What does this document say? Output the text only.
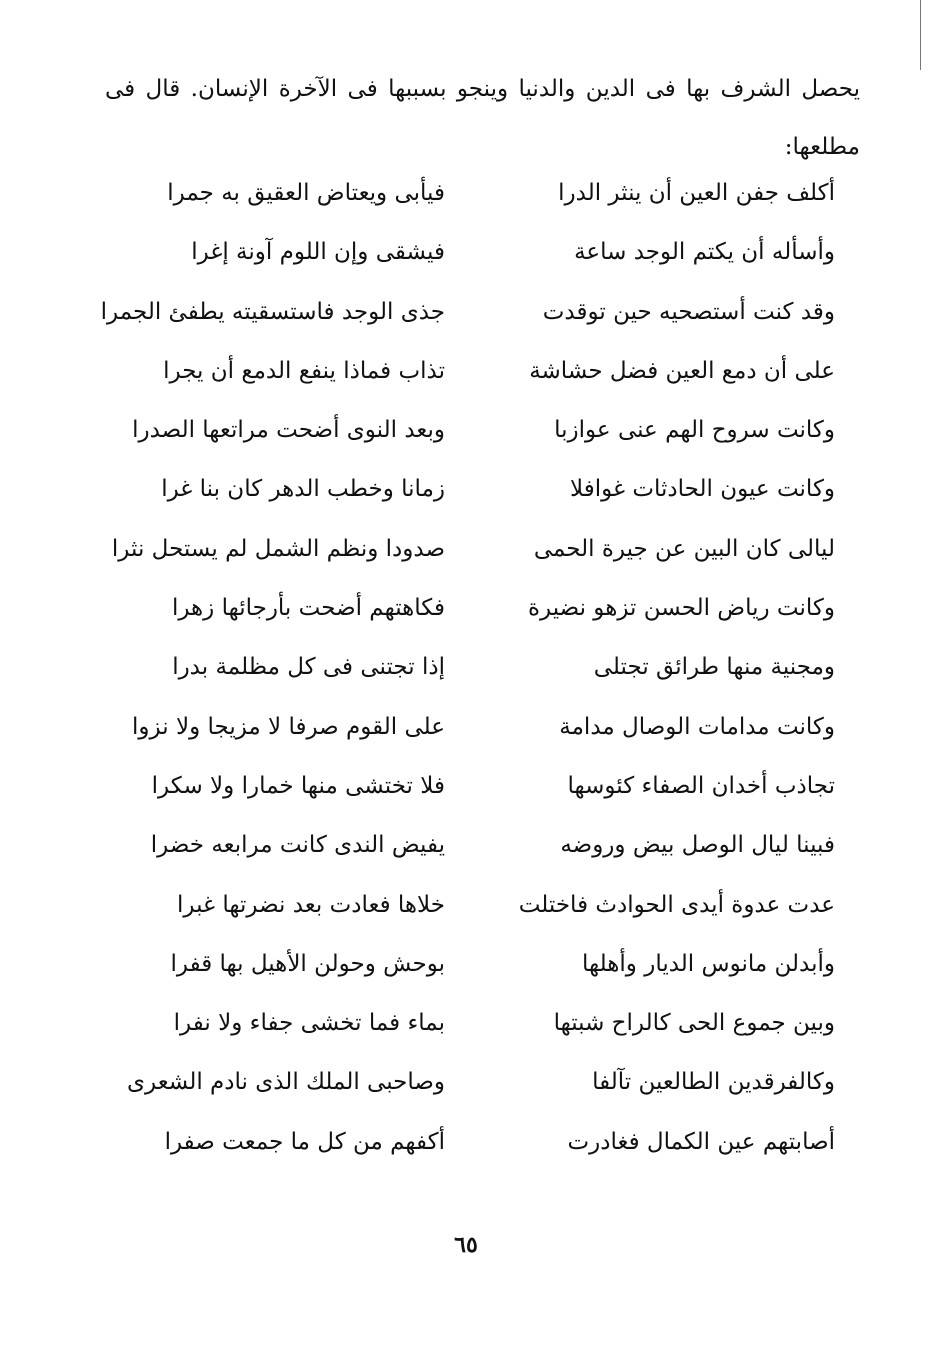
يحصل الشرف بها فى الدين والدنيا وينجو بسببها فى الآخرة الإنسان. قال فى مطلعها:

أكلف جفن العين أن ينثر الدرا
فيأبى ويعتاض العقيق به جمرا
وأسأله أن يكتم الوجد ساعة
فيشقى وإن اللوم آونة إغرا
وقد كنت أستصحيه حين توقدت
جذى الوجد فاستسقيته يطفئ الجمرا
على أن دمع العين فضل حشاشة
تذاب فماذا ينفع الدمع أن يجرا
وكانت سروح الهم عنى عوازبا
وبعد النوى أضحت مراتعها الصدرا
وكانت عيون الحادثات غوافلا
زمانا وخطب الدهر كان بنا غرا
ليالى كان البين عن جيرة الحمى
صدودا ونظم الشمل لم يستحل نثرا
وكانت رياض الحسن تزهو نضيرة
فكاهتهم أضحت بأرجائها زهرا
ومجنية منها طرائق تجتلى
إذا تجتنى فى كل مظلمة بدرا
وكانت مدامات الوصال مدامة
على القوم صرفا لا مزيجا ولا نزوا
تجاذب أخدان الصفاء كئوسها
فلا تختشى منها خمارا ولا سكرا
فبينا ليال الوصل بيض وروضه
يفيض الندى كانت مرابعه خضرا
عدت عدوة أيدى الحوادث فاختلت
خلاها فعادت بعد نضرتها غبرا
وأبدلن مانوس الديار وأهلها
بوحش وحولن الأهيل بها قفرا
وبين جموع الحى كالراح شبتها
بماء فما تخشى جفاء ولا نفرا
وكالفرقدين الطالعين تآلفا
وصاحبى الملك الذى نادم الشعرى
أصابتهم عين الكمال فغادرت
أكفهم من كل ما جمعت صفرا
٦٥
